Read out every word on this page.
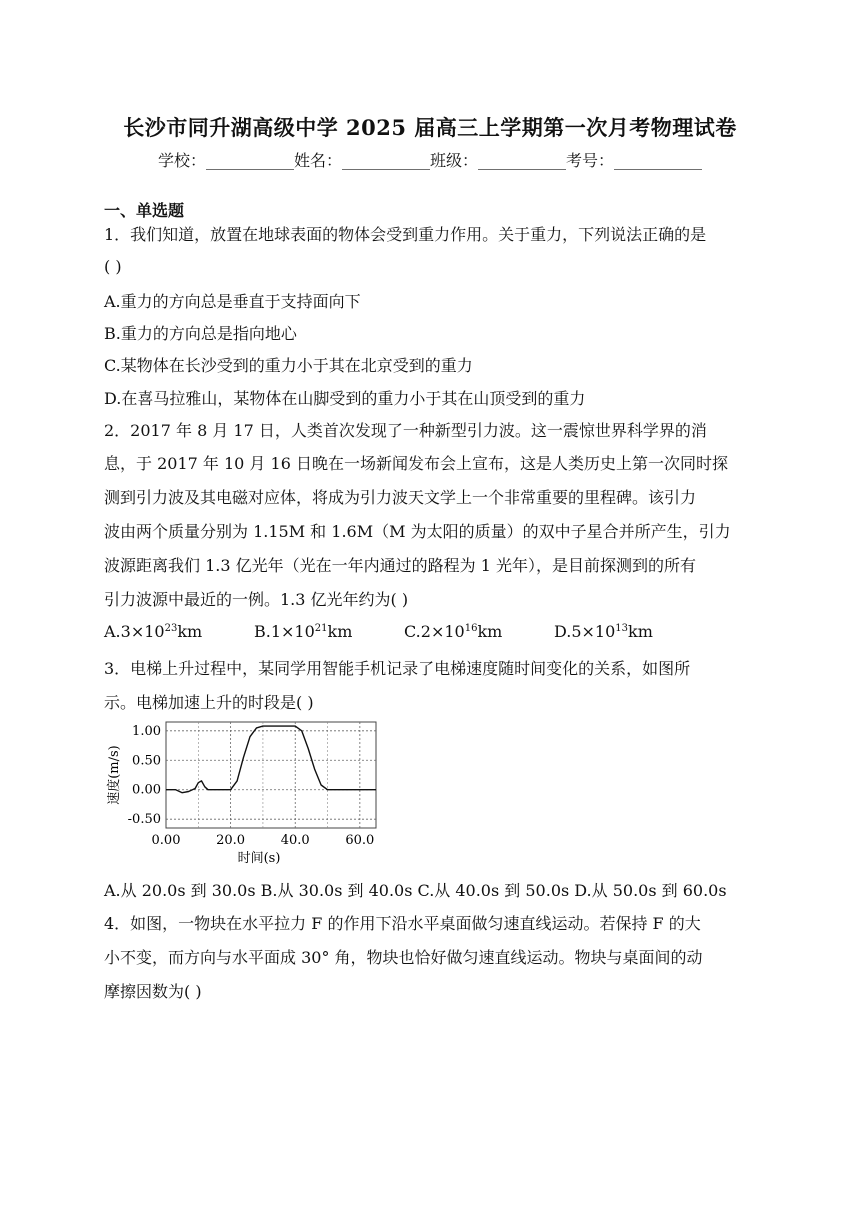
长沙市同升湖高级中学 2025 届高三上学期第一次月考物理试卷
学校：___________姓名：___________班级：___________考号：___________
一、单选题
1．我们知道，放置在地球表面的物体会受到重力作用。关于重力，下列说法正确的是
( )
A.重力的方向总是垂直于支持面向下
B.重力的方向总是指向地心
C.某物体在长沙受到的重力小于其在北京受到的重力
D.在喜马拉雅山，某物体在山脚受到的重力小于其在山顶受到的重力
2．2017 年 8 月 17 日，人类首次发现了一种新型引力波。这一震惊世界科学界的消
息，于 2017 年 10 月 16 日晚在一场新闻发布会上宣布，这是人类历史上第一次同时探
测到引力波及其电磁对应体，将成为引力波天文学上一个非常重要的里程碑。该引力
波由两个质量分别为 1.15M 和 1.6M（M 为太阳的质量）的双中子星合并所产生，引力
波源距离我们 1.3 亿光年（光在一年内通过的路程为 1 光年），是目前探测到的所有
引力波源中最近的一例。1.3 亿光年约为( )
$A.3\times 10^{23}km$	$B.1\times 10^{21}km$	$C.2\times 10^{16}km$	$D.5\times 10^{13}km$
3．电梯上升过程中，某同学用智能手机记录了电梯速度随时间变化的关系，如图所
示。电梯加速上升的时段是( )
0.00	20.0	40.0	60.0
1.00
0.50
0.00
-0.50
时间(s)
速度(m/s)
A.从 20.0s 到 30.0s B.从 30.0s 到 40.0s C.从 40.0s 到 50.0s D.从 50.0s 到 60.0s
4．如图，一物块在水平拉力 F 的作用下沿水平桌面做匀速直线运动。若保持 F 的大
小不变，而方向与水平面成 30° 角，物块也恰好做匀速直线运动。物块与桌面间的动
摩擦因数为( )
